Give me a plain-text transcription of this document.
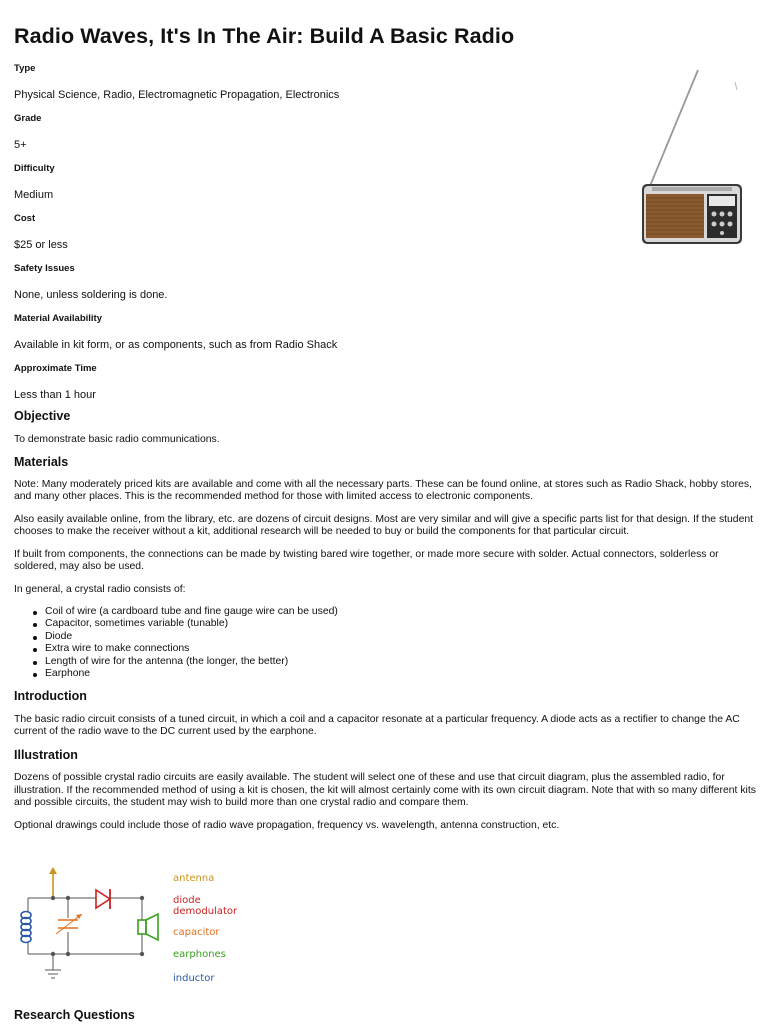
Radio Waves, It's In The Air: Build A Basic Radio
Type
Physical Science, Radio, Electromagnetic Propagation, Electronics
Grade
5+
Difficulty
Medium
Cost
$25 or less
Safety Issues
None, unless soldering is done.
Material Availability
Available in kit form, or as components, such as from Radio Shack
Approximate Time
Less than 1 hour
Objective

To demonstrate basic radio communications.

Materials

Note: Many moderately priced kits are available and come with all the necessary parts. These can be found online, at stores such as Radio Shack, hobby stores, and many other places. This is the recommended method for those with limited access to electronic components.

Also easily available online, from the library, etc. are dozens of circuit designs. Most are very similar and will give a specific parts list for that design. If the student chooses to make the receiver without a kit, additional research will be needed to buy or build the components for that particular circuit.

If built from components, the connections can be made by twisting bared wire together, or made more secure with solder. Actual connectors, solderless or soldered, may also be used.

In general, a crystal radio consists of:

Coil of wire (a cardboard tube and fine gauge wire can be used)
Capacitor, sometimes variable (tunable)
Diode
Extra wire to make connections
Length of wire for the antenna (the longer, the better)
Earphone
Introduction

The basic radio circuit consists of a tuned circuit, in which a coil and a capacitor resonate at a particular frequency. A diode acts as a rectifier to change the AC current of the radio wave to the DC current used by the earphone.

Illustration

Dozens of possible crystal radio circuits are easily available. The student will select one of these and use that circuit diagram, plus the assembled radio, for illustration. If the recommended method of using a kit is chosen, the kit will almost certainly come with its own circuit diagram. Note that with so many different kits and possible circuits, the student may wish to build more than one crystal radio and compare them.

Optional drawings could include those of radio wave propagation, frequency vs. wavelength, antenna construction, etc.

antenna
diode
demodulator
capacitor
earphones
inductor
Research Questions
